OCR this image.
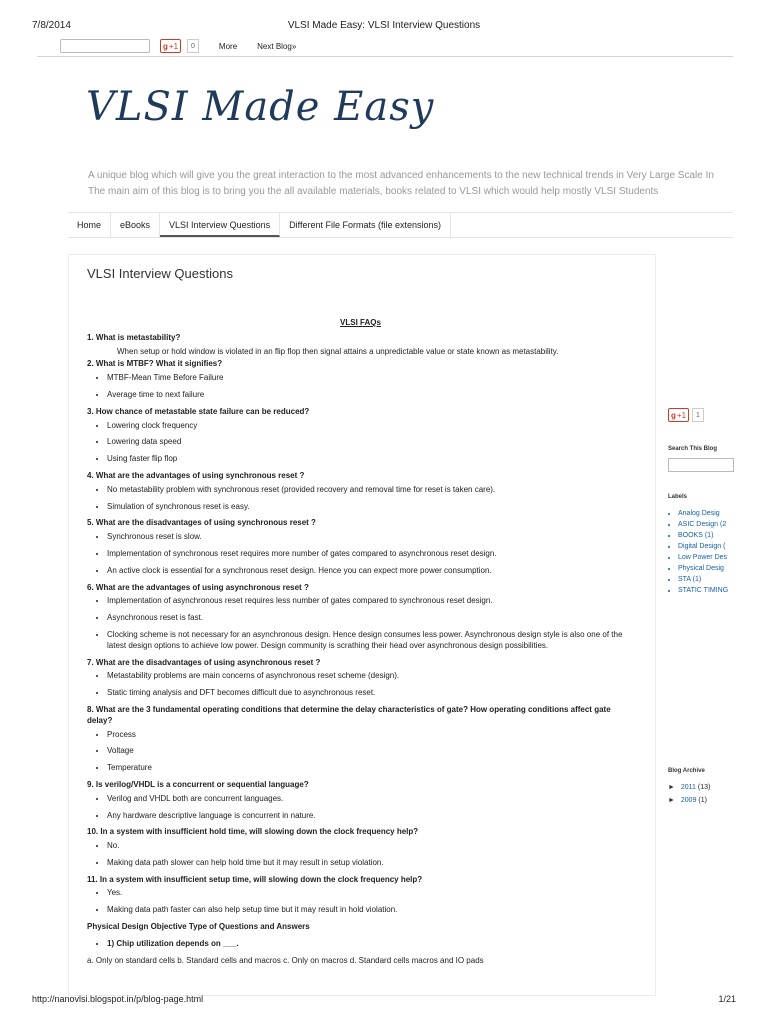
7/8/2014	VLSI Made Easy: VLSI Interview Questions
g +1	0	More	Next Blog»
VLSI Made Easy
A unique blog which will give you the great interaction to the most advanced enhancements to the new technical trends in Very Large Scale In
The main aim of this blog is to bring you the all available materials, books related to VLSI which would help mostly VLSI Students
Home	eBooks	VLSI Interview Questions	Different File Formats (file extensions)
VLSI Interview Questions
VLSI FAQs
1. What is metastability?
When setup or hold window is violated in an flip flop then signal attains a unpredictable value or state known as metastability.
2. What is MTBF? What it signifies?
• MTBF-Mean Time Before Failure
• Average time to next failure
3. How chance of metastable state failure can be reduced?
• Lowering clock frequency
• Lowering data speed
• Using faster flip flop
4. What are the advantages of using synchronous reset ?
• No metastability problem with synchronous reset (provided recovery and removal time for reset is taken care).
• Simulation of synchronous reset is easy.
5. What are the disadvantages of using synchronous reset ?
• Synchronous reset is slow.
• Implementation of synchronous reset requires more number of gates compared to asynchronous reset design.
• An active clock is essential for a synchronous reset design. Hence you can expect more power consumption.
6. What are the advantages of using asynchronous reset ?
• Implementation of asynchronous reset requires less number of gates compared to synchronous reset design.
• Asynchronous reset is fast.
• Clocking scheme is not necessary for an asynchronous design. Hence design consumes less power. Asynchronous design style is also one of the latest design options to achieve low power. Design community is scrathing their head over asynchronous design possibilities.
7. What are the disadvantages of using asynchronous reset ?
• Metastability problems are main concerns of asynchronous reset scheme (design).
• Static timing analysis and DFT becomes difficult due to asynchronous reset.
8. What are the 3 fundamental operating conditions that determine the delay characteristics of gate? How operating conditions affect gate delay?
• Process
• Voltage
• Temperature
9. Is verilog/VHDL is a concurrent or sequential language?
• Verilog and VHDL both are concurrent languages.
• Any hardware descriptive language is concurrent in nature.
10. In a system with insufficient hold time, will slowing down the clock frequency help?
• No.
• Making data path slower can help hold time but it may result in setup violation.
11. In a system with insufficient setup time, will slowing down the clock frequency help?
• Yes.
• Making data path faster can also help setup time but it may result in hold violation.
Physical Design Objective Type of Questions and Answers
• 1) Chip utilization depends on ___.
a. Only on standard cells b. Standard cells and macros c. Only on macros d. Standard cells macros and IO pads
g +1	1
Search This Blog
Labels
• Analog Desig
• ASIC Design (2
• BOOKS (1)
• Digital Design (
• Low Power Des
• Physical Desig
• STA (1)
• STATIC TIMING
Blog Archive
► 2011 (13)
► 2009 (1)
http://nanovlsi.blogspot.in/p/blog-page.html	1/21
